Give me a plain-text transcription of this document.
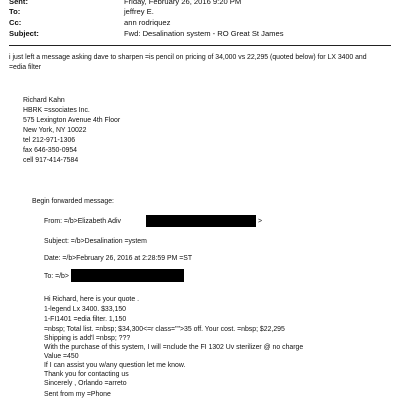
Sent:	Friday, February 26, 2016 9:20 PM
To:	jeffrey E.
Cc:	ann rodriquez
Subject:	Fwd: Desalination system - RO Great St James
i just left a message asking dave to sharpen =is pencil on pricing of 34,000 vs 22,295 (quoted below) for LX 3400 and
=edia filter
Richard Kahn
HBRK =ssociates Inc.
575 Lexington Avenue 4th Floor
New York, NY 10022
tel 212-971-1306
fax 646-350-0954
cell 917-414-7584
Begin forwarded message:
From: =/b>Elizabeth Adiv	>
Subject: =/b>Desalination =ystem
Date: =/b>February 26, 2016 at 2:28:59 PM =ST
To: =/b>
Hi Richard, here is your quote .
1-legend Lx 3400. $33,150
1-FI1401 =edia filter. 1,150
=nbsp; Total list. =nbsp; $34,300<=r class="">35 off. Your cost. =nbsp; $22,295
Shipping is add'l =nbsp; ???
With the purchase of this system, I will =nclude the FI 1302 Uv sterilizer @ no charge
Value =450
If I can assist you w/any question let me know.
Thank you for contacting us
Sincerely , Orlando =arreto
Sent from my =Phone
